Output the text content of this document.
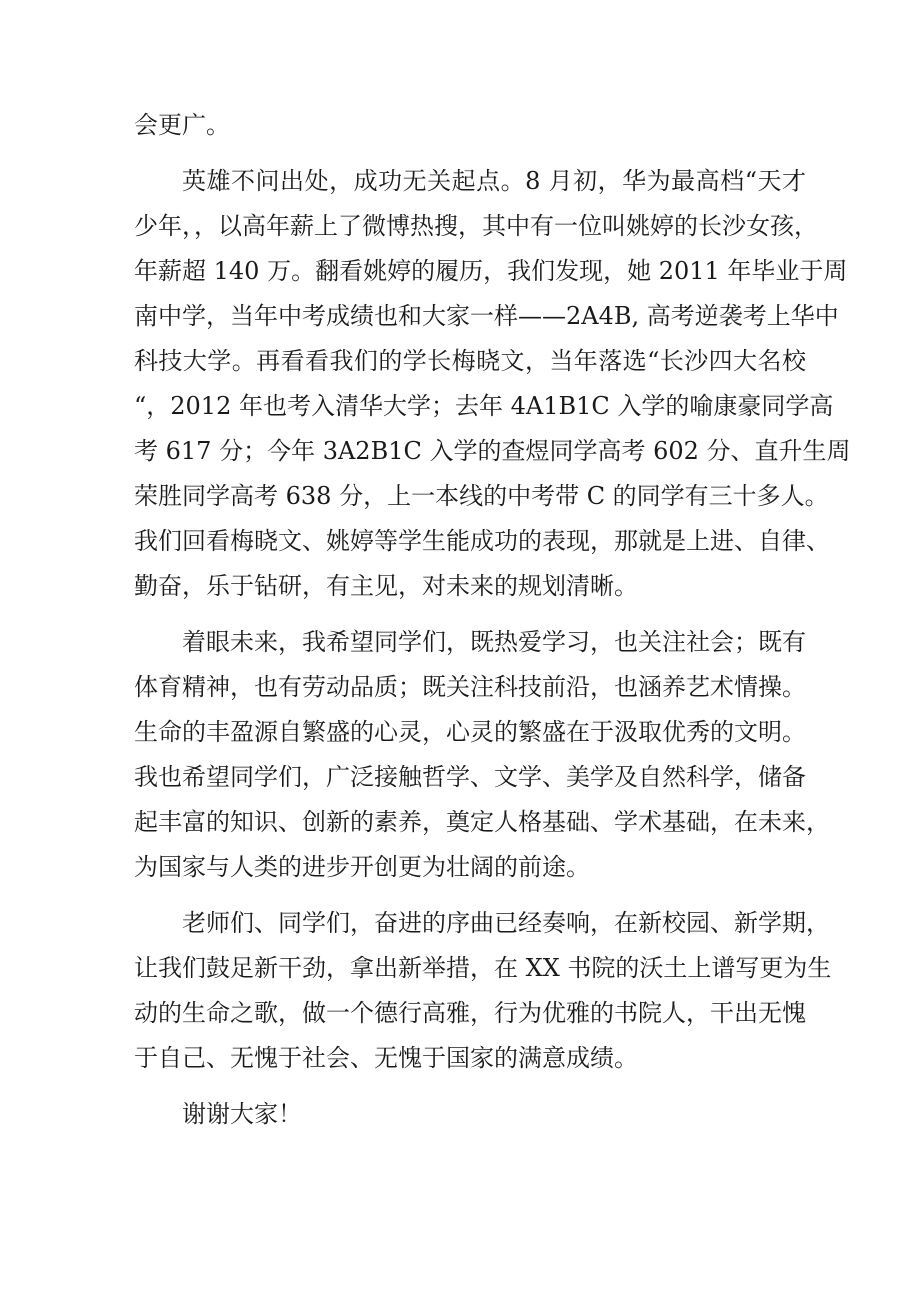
会更广。
英雄不问出处，成功无关起点。8 月初，华为最高档“天才
少年，，以高年薪上了微博热搜，其中有一位叫姚婷的长沙女孩，
年薪超 140 万。翻看姚婷的履历，我们发现，她 2011 年毕业于周
南中学，当年中考成绩也和大家一样——2A4B, 高考逆袭考上华中
科技大学。再看看我们的学长梅晓文，当年落选“长沙四大名校
“，2012 年也考入清华大学；去年 4A1B1C 入学的喻康豪同学高
考 617 分；今年 3A2B1C 入学的查煜同学高考 602 分、直升生周
荣胜同学高考 638 分，上一本线的中考带 C 的同学有三十多人。
我们回看梅晓文、姚婷等学生能成功的表现，那就是上进、自律、
勤奋，乐于钻研，有主见，对未来的规划清晰。
着眼未来，我希望同学们，既热爱学习，也关注社会；既有
体育精神，也有劳动品质；既关注科技前沿，也涵养艺术情操。
生命的丰盈源自繁盛的心灵，心灵的繁盛在于汲取优秀的文明。
我也希望同学们，广泛接触哲学、文学、美学及自然科学，储备
起丰富的知识、创新的素养，奠定人格基础、学术基础，在未来，
为国家与人类的进步开创更为壮阔的前途。
老师们、同学们，奋进的序曲已经奏响，在新校园、新学期，
让我们鼓足新干劲，拿出新举措，在 XX 书院的沃土上谱写更为生
动的生命之歌，做一个德行高雅，行为优雅的书院人，干出无愧
于自己、无愧于社会、无愧于国家的满意成绩。
谢谢大家！
